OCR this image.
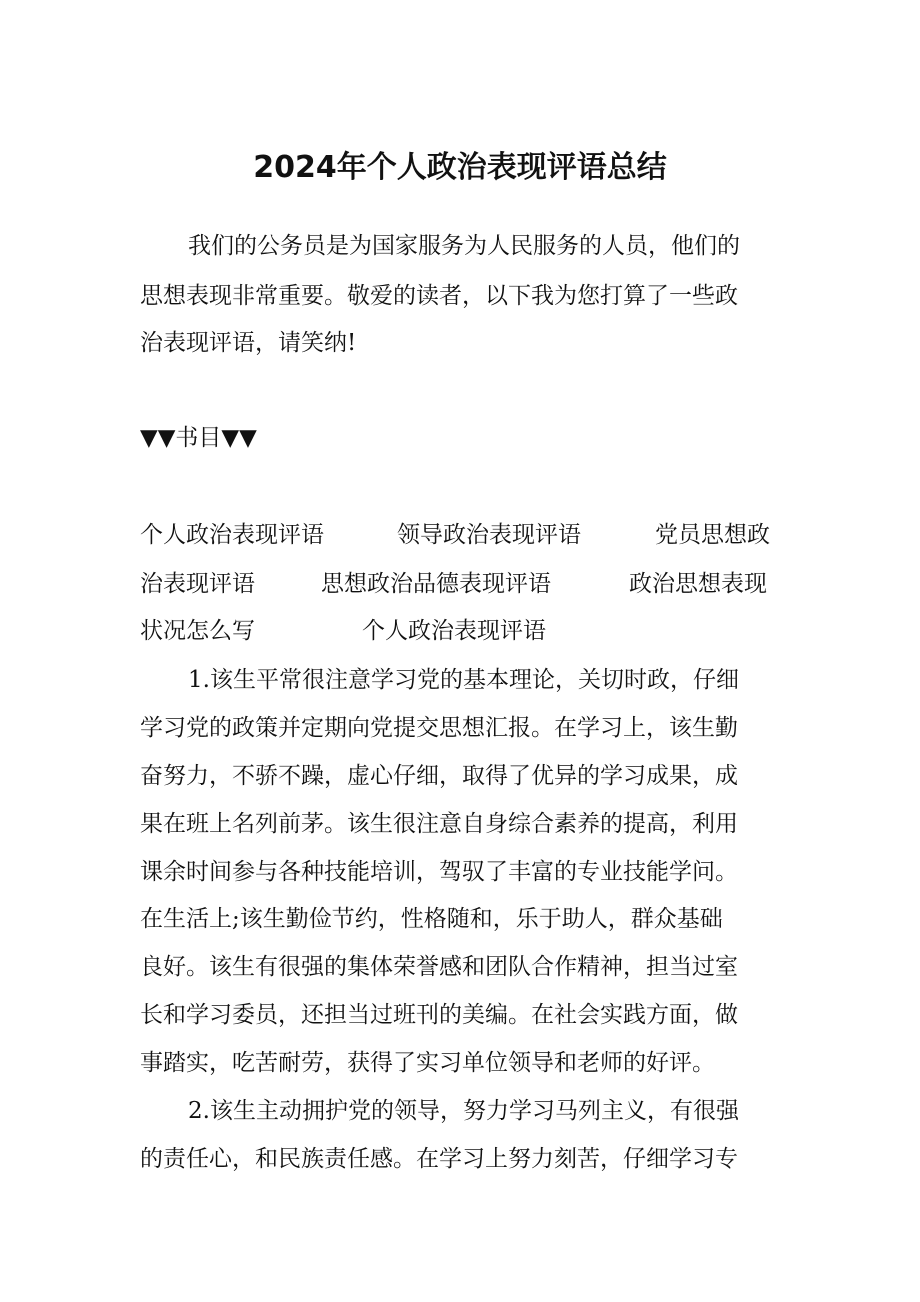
2024年个人政治表现评语总结
我们的公务员是为国家服务为人民服务的人员，他们的
思想表现非常重要。敬爱的读者，以下我为您打算了一些政
治表现评语，请笑纳!
▼▼书目▼▼
个人政治表现评语	领导政治表现评语	党员思想政
治表现评语	思想政治品德表现评语	政治思想表现
状况怎么写	个人政治表现评语
1.该生平常很注意学习党的基本理论，关切时政，仔细
学习党的政策并定期向党提交思想汇报。在学习上，该生勤
奋努力，不骄不躁，虚心仔细，取得了优异的学习成果，成
果在班上名列前茅。该生很注意自身综合素养的提高，利用
课余时间参与各种技能培训，驾驭了丰富的专业技能学问。
在生活上;该生勤俭节约，性格随和，乐于助人，群众基础
良好。该生有很强的集体荣誉感和团队合作精神，担当过室
长和学习委员，还担当过班刊的美编。在社会实践方面，做
事踏实，吃苦耐劳，获得了实习单位领导和老师的好评。
2.该生主动拥护党的领导，努力学习马列主义，有很强
的责任心，和民族责任感。在学习上努力刻苦，仔细学习专
